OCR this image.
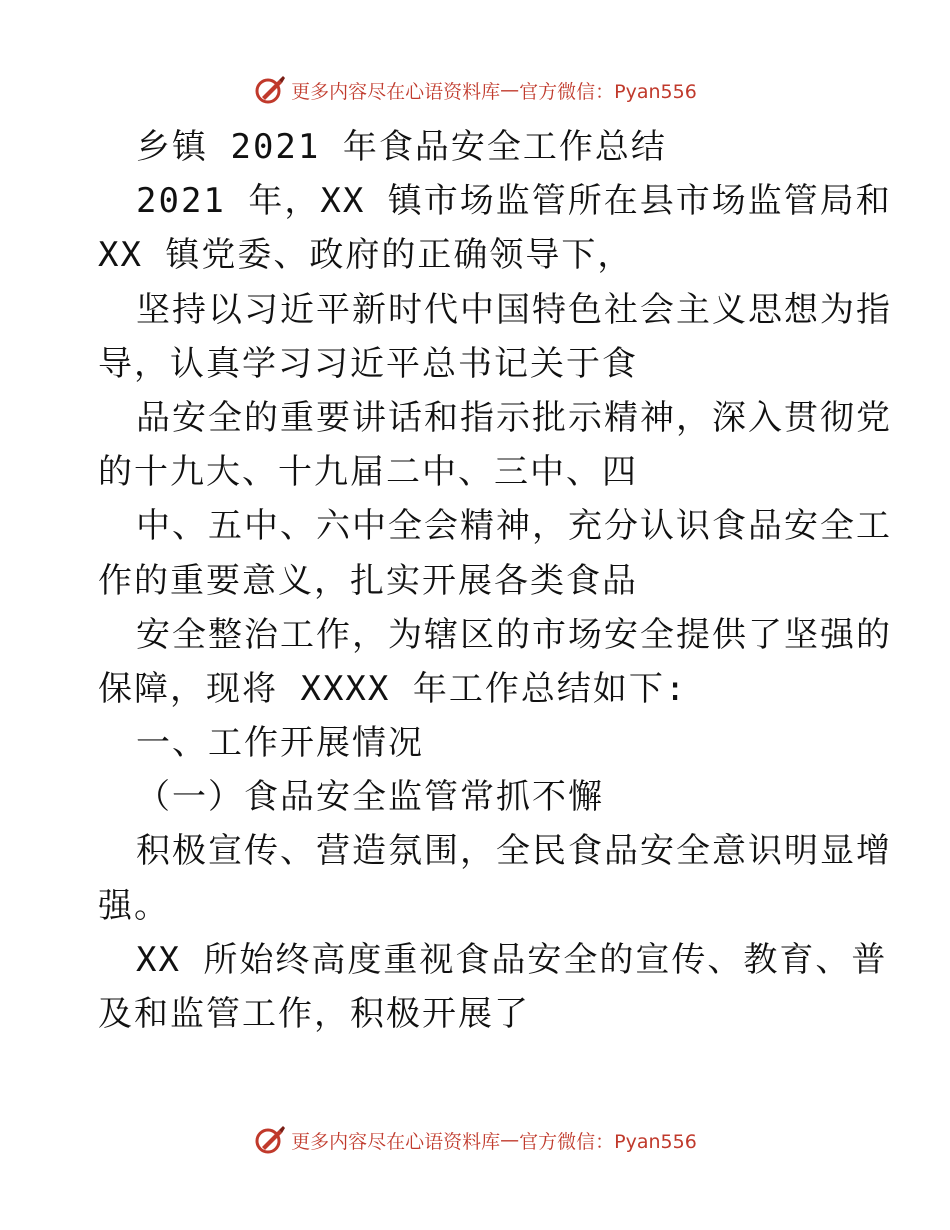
更多内容尽在心语资料库 — 官方微信：Pyan556
乡镇 2021 年食品安全工作总结
2021 年，XX 镇市场监管所在县市场监管局和
XX 镇党委、政府的正确领导下，
坚持以习近平新时代中国特色社会主义思想为指
导，认真学习习近平总书记关于食
品安全的重要讲话和指示批示精神，深入贯彻党
的十九大、十九届二中、三中、四
中、五中、六中全会精神，充分认识食品安全工
作的重要意义，扎实开展各类食品
安全整治工作，为辖区的市场安全提供了坚强的
保障，现将 XXXX 年工作总结如下:
一、工作开展情况
（一）食品安全监管常抓不懈
积极宣传、营造氛围，全民食品安全意识明显增
强。
XX 所始终高度重视食品安全的宣传、教育、普
及和监管工作，积极开展了
更多内容尽在心语资料库 — 官方微信：Pyan556
